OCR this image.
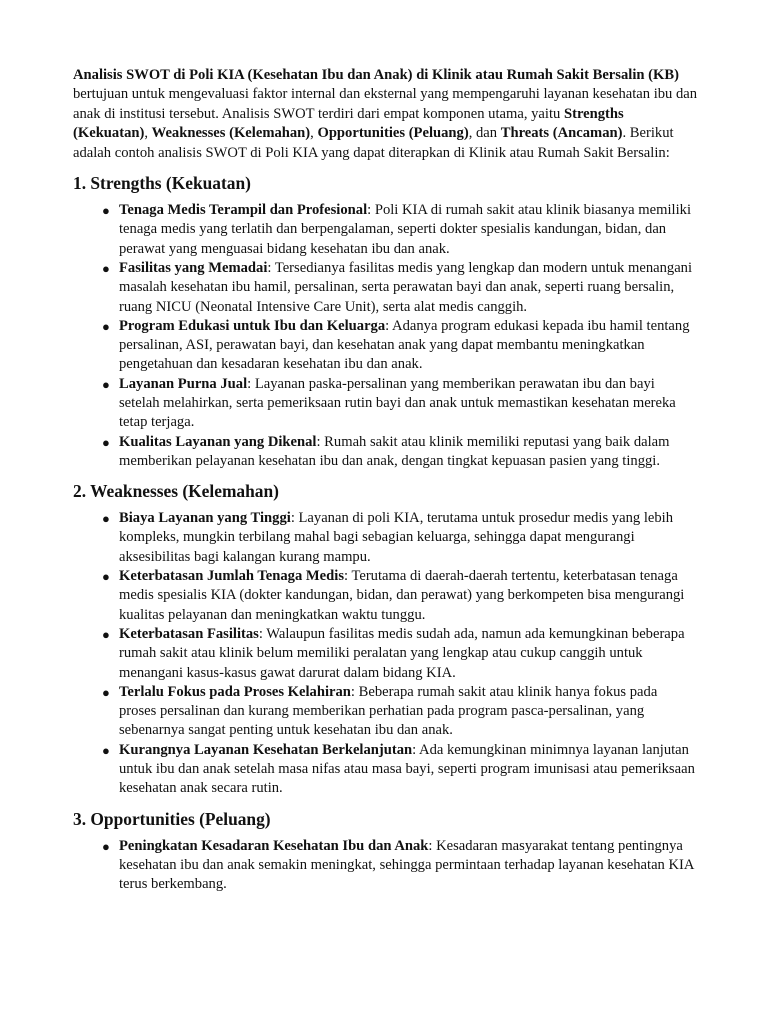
Analisis SWOT di Poli KIA (Kesehatan Ibu dan Anak) di Klinik atau Rumah Sakit Bersalin (KB) bertujuan untuk mengevaluasi faktor internal dan eksternal yang mempengaruhi layanan kesehatan ibu dan anak di institusi tersebut. Analisis SWOT terdiri dari empat komponen utama, yaitu Strengths (Kekuatan), Weaknesses (Kelemahan), Opportunities (Peluang), dan Threats (Ancaman). Berikut adalah contoh analisis SWOT di Poli KIA yang dapat diterapkan di Klinik atau Rumah Sakit Bersalin:

1. Strengths (Kekuatan)
● Tenaga Medis Terampil dan Profesional: Poli KIA di rumah sakit atau klinik biasanya memiliki tenaga medis yang terlatih dan berpengalaman, seperti dokter spesialis kandungan, bidan, dan perawat yang menguasai bidang kesehatan ibu dan anak.
● Fasilitas yang Memadai: Tersedianya fasilitas medis yang lengkap dan modern untuk menangani masalah kesehatan ibu hamil, persalinan, serta perawatan bayi dan anak, seperti ruang bersalin, ruang NICU (Neonatal Intensive Care Unit), serta alat medis canggih.
● Program Edukasi untuk Ibu dan Keluarga: Adanya program edukasi kepada ibu hamil tentang persalinan, ASI, perawatan bayi, dan kesehatan anak yang dapat membantu meningkatkan pengetahuan dan kesadaran kesehatan ibu dan anak.
● Layanan Purna Jual: Layanan paska-persalinan yang memberikan perawatan ibu dan bayi setelah melahirkan, serta pemeriksaan rutin bayi dan anak untuk memastikan kesehatan mereka tetap terjaga.
● Kualitas Layanan yang Dikenal: Rumah sakit atau klinik memiliki reputasi yang baik dalam memberikan pelayanan kesehatan ibu dan anak, dengan tingkat kepuasan pasien yang tinggi.
2. Weaknesses (Kelemahan)
● Biaya Layanan yang Tinggi: Layanan di poli KIA, terutama untuk prosedur medis yang lebih kompleks, mungkin terbilang mahal bagi sebagian keluarga, sehingga dapat mengurangi aksesibilitas bagi kalangan kurang mampu.
● Keterbatasan Jumlah Tenaga Medis: Terutama di daerah-daerah tertentu, keterbatasan tenaga medis spesialis KIA (dokter kandungan, bidan, dan perawat) yang berkompeten bisa mengurangi kualitas pelayanan dan meningkatkan waktu tunggu.
● Keterbatasan Fasilitas: Walaupun fasilitas medis sudah ada, namun ada kemungkinan beberapa rumah sakit atau klinik belum memiliki peralatan yang lengkap atau cukup canggih untuk menangani kasus-kasus gawat darurat dalam bidang KIA.
● Terlalu Fokus pada Proses Kelahiran: Beberapa rumah sakit atau klinik hanya fokus pada proses persalinan dan kurang memberikan perhatian pada program pasca-persalinan, yang sebenarnya sangat penting untuk kesehatan ibu dan anak.
● Kurangnya Layanan Kesehatan Berkelanjutan: Ada kemungkinan minimnya layanan lanjutan untuk ibu dan anak setelah masa nifas atau masa bayi, seperti program imunisasi atau pemeriksaan kesehatan anak secara rutin.
3. Opportunities (Peluang)
● Peningkatan Kesadaran Kesehatan Ibu dan Anak: Kesadaran masyarakat tentang pentingnya kesehatan ibu dan anak semakin meningkat, sehingga permintaan terhadap layanan kesehatan KIA terus berkembang.
